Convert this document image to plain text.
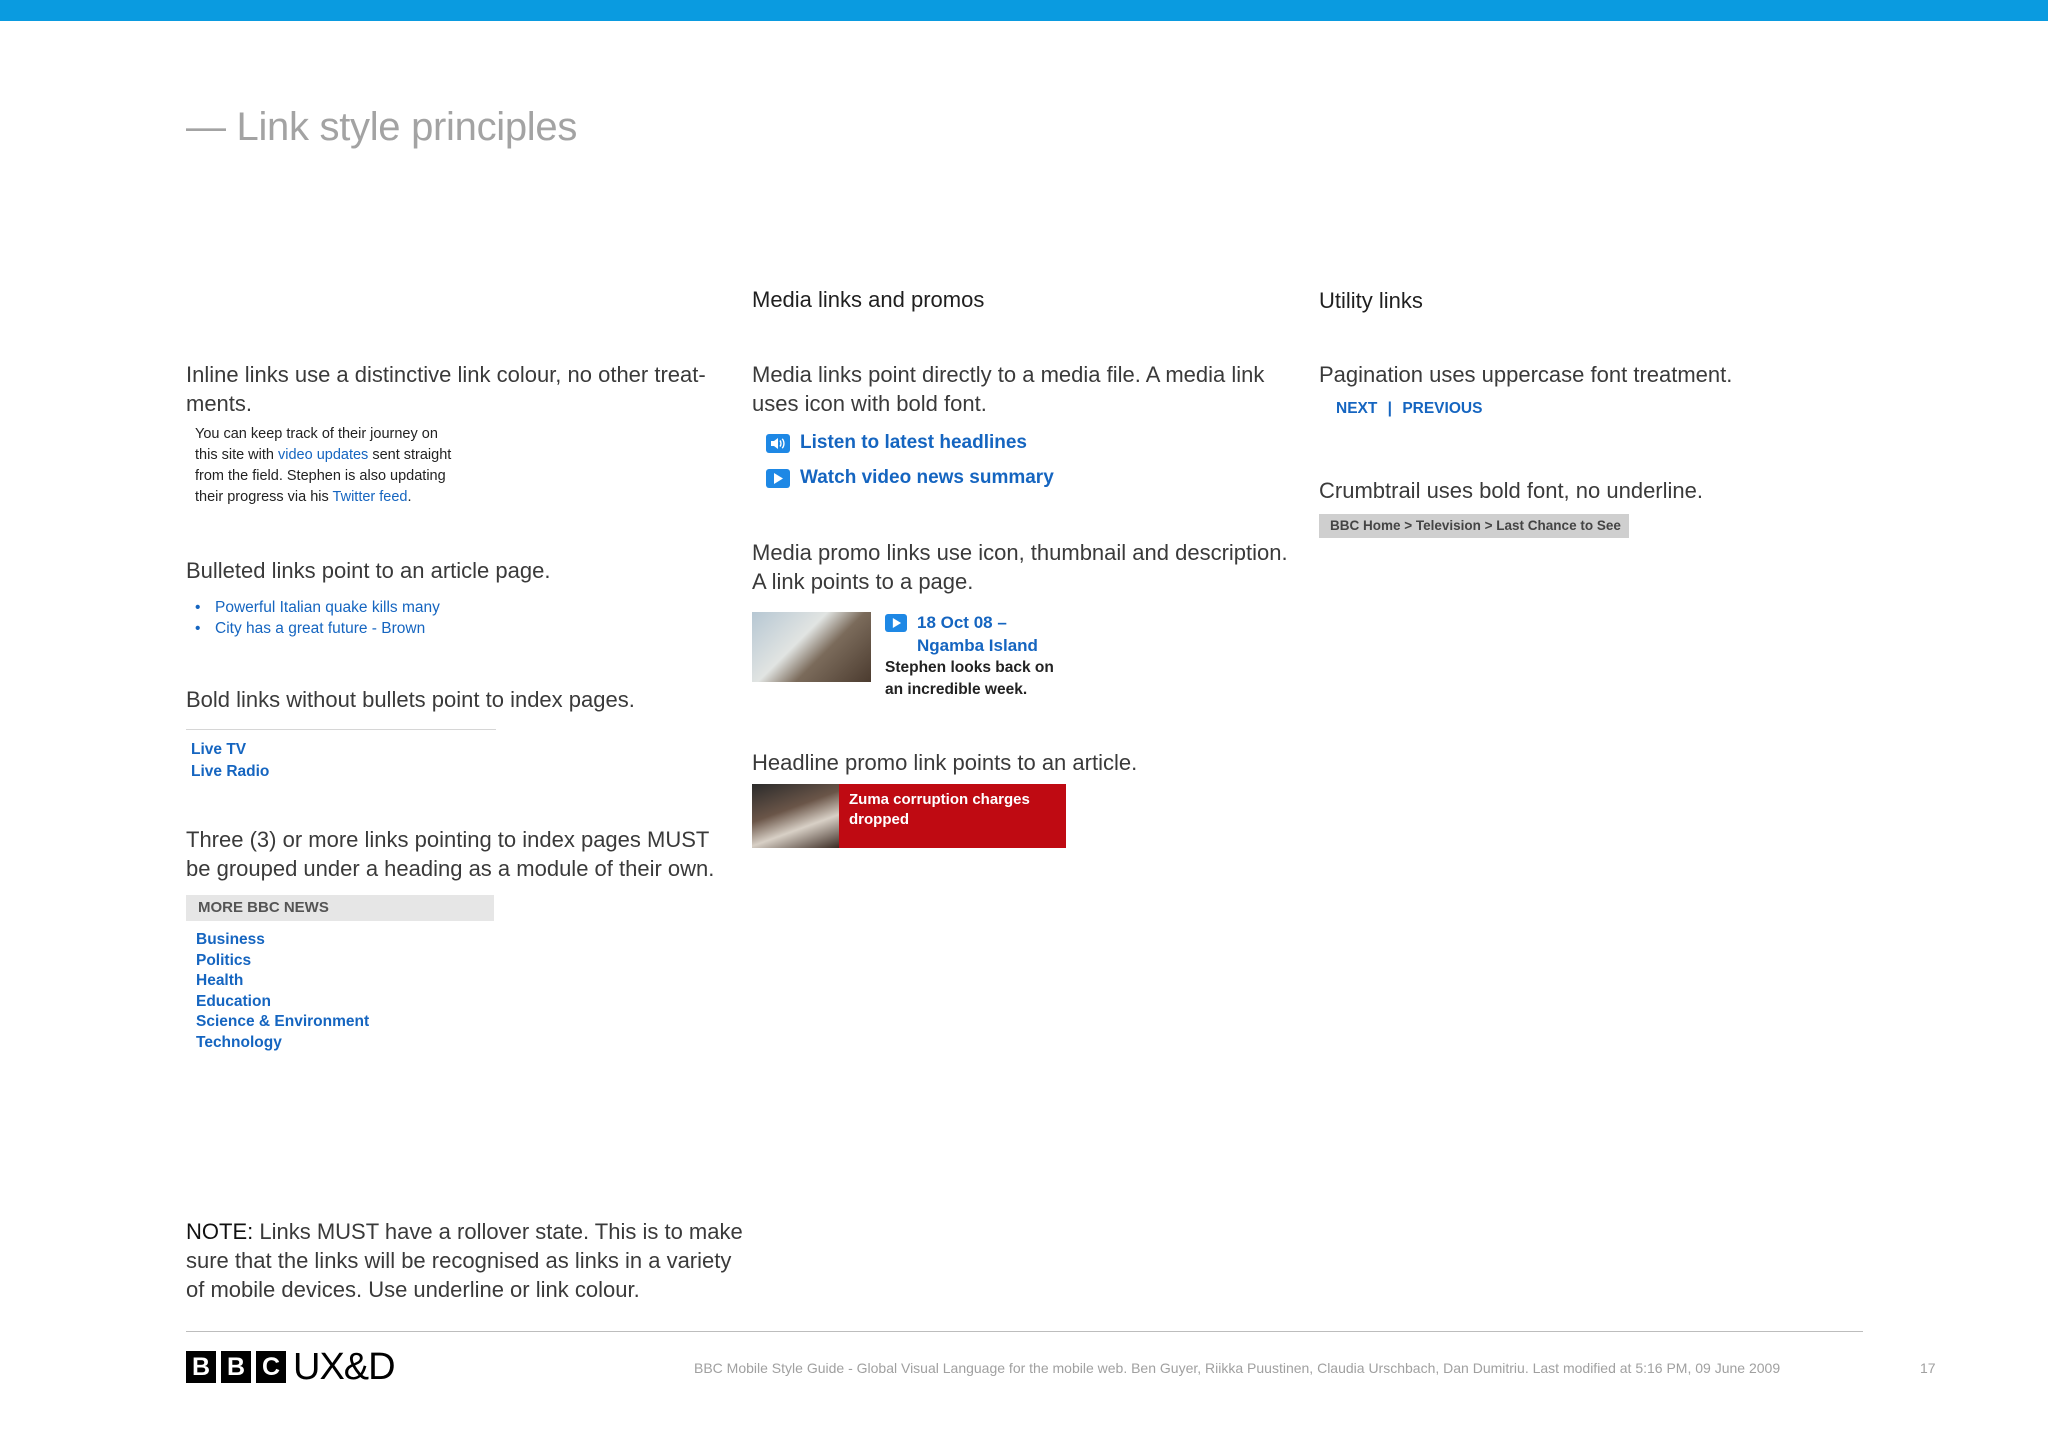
— Link style principles
Inline links use a distinctive link colour, no other treat- ments.
You can keep track of their journey on
this site with video updates sent straight
from the field. Stephen is also updating
their progress via his Twitter feed.
Bulleted links point to an article page.
• Powerful Italian quake kills many
• City has a great future - Brown
Bold links without bullets point to index pages.
Live TV
Live Radio
Three (3) or more links pointing to index pages MUST be grouped under a heading as a module of their own.
MORE BBC NEWS
Business
Politics
Health
Education
Science & Environment
Technology
Media links and promos
Media links point directly to a media file. A media link uses icon with bold font.
Listen to latest headlines
Watch video news summary
Media promo links use icon, thumbnail and description. A link points to a page.
18 Oct 08 –
Ngamba Island
Stephen looks back on
an incredible week.
Headline promo link points to an article.
Zuma corruption charges
dropped
Utility links
Pagination uses uppercase font treatment.
NEXT | PREVIOUS
Crumbtrail uses bold font, no underline.
BBC Home > Television > Last Chance to See
NOTE: Links MUST have a rollover state. This is to make sure that the links will be recognised as links in a variety of mobile devices. Use underline or link colour.
B B C UX&D	BBC Mobile Style Guide - Global Visual Language for the mobile web. Ben Guyer, Riikka Puustinen, Claudia Urschbach, Dan Dumitriu. Last modified at 5:16 PM, 09 June 2009	17
